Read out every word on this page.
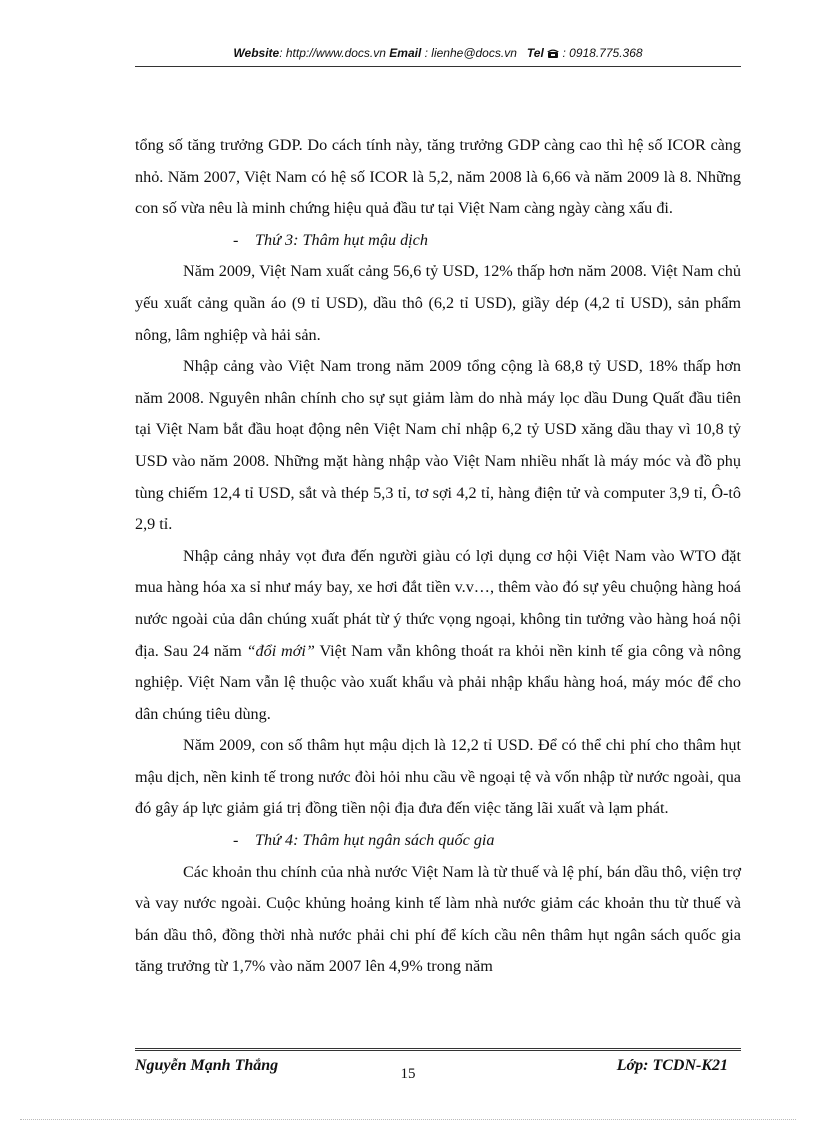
Website: http://www.docs.vn Email : lienhe@docs.vn Tel : 0918.775.368

tổng số tăng trưởng GDP. Do cách tính này, tăng trưởng GDP càng cao thì hệ số ICOR càng nhỏ. Năm 2007, Việt Nam có hệ số ICOR là 5,2, năm 2008 là 6,66 và năm 2009 là 8. Những con số vừa nêu là minh chứng hiệu quả đầu tư tại Việt Nam càng ngày càng xấu đi.

- Thứ 3: Thâm hụt mậu dịch

Năm 2009, Việt Nam xuất cảng 56,6 tỷ USD, 12% thấp hơn năm 2008. Việt Nam chủ yếu xuất cảng quần áo (9 tỉ USD), dầu thô (6,2 tỉ USD), giầy dép (4,2 tỉ USD), sản phẩm nông, lâm nghiệp và hải sản.

Nhập cảng vào Việt Nam trong năm 2009 tổng cộng là 68,8 tỷ USD, 18% thấp hơn năm 2008. Nguyên nhân chính cho sự sụt giảm làm do nhà máy lọc dầu Dung Quất đầu tiên tại Việt Nam bắt đầu hoạt động nên Việt Nam chỉ nhập 6,2 tỷ USD xăng dầu thay vì 10,8 tỷ USD vào năm 2008. Những mặt hàng nhập vào Việt Nam nhiều nhất là máy móc và đồ phụ tùng chiếm 12,4 tỉ USD, sắt và thép 5,3 tỉ, tơ sợi 4,2 tỉ, hàng điện tử và computer 3,9 tỉ, Ô-tô 2,9 tỉ.

Nhập cảng nhảy vọt đưa đến người giàu có lợi dụng cơ hội Việt Nam vào WTO đặt mua hàng hóa xa sỉ như máy bay, xe hơi đắt tiền v.v…, thêm vào đó sự yêu chuộng hàng hoá nước ngoài của dân chúng xuất phát từ ý thức vọng ngoại, không tin tưởng vào hàng hoá nội địa. Sau 24 năm “đổi mới” Việt Nam vẫn không thoát ra khỏi nền kinh tế gia công và nông nghiệp. Việt Nam vẫn lệ thuộc vào xuất khẩu và phải nhập khẩu hàng hoá, máy móc để cho dân chúng tiêu dùng.

Năm 2009, con số thâm hụt mậu dịch là 12,2 tỉ USD. Để có thể chi phí cho thâm hụt mậu dịch, nền kinh tế trong nước đòi hỏi nhu cầu về ngoại tệ và vốn nhập từ nước ngoài, qua đó gây áp lực giảm giá trị đồng tiền nội địa đưa đến việc tăng lãi xuất và lạm phát.

- Thứ 4: Thâm hụt ngân sách quốc gia

Các khoản thu chính của nhà nước Việt Nam là từ thuế và lệ phí, bán dầu thô, viện trợ và vay nước ngoài. Cuộc khủng hoảng kinh tế làm nhà nước giảm các khoản thu từ thuế và bán dầu thô, đồng thời nhà nước phải chi phí để kích cầu nên thâm hụt ngân sách quốc gia tăng trưởng từ 1,7% vào năm 2007 lên 4,9% trong năm

Nguyễn Mạnh Thắng	15	Lớp: TCDN-K21
